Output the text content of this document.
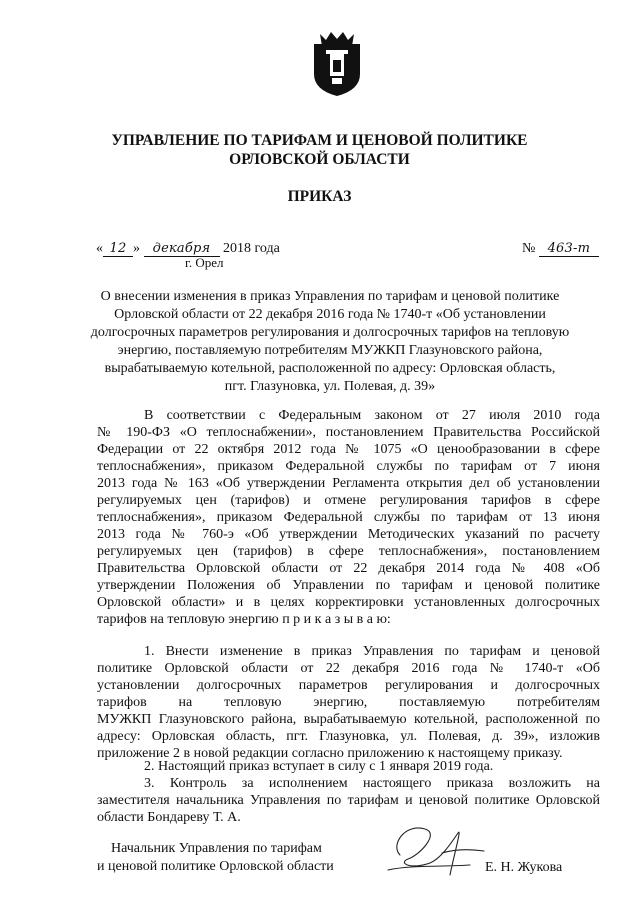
УПРАВЛЕНИЕ ПО ТАРИФАМ И ЦЕНОВОЙ ПОЛИТИКЕ
ОРЛОВСКОЙ ОБЛАСТИ
ПРИКАЗ
« 12 » декабря 2018 года
г. Орел
№ 463-т
О внесении изменения в приказ Управления по тарифам и ценовой политике
Орловской области от 22 декабря 2016 года № 1740-т «Об установлении
долгосрочных параметров регулирования и долгосрочных тарифов на тепловую
энергию, поставляемую потребителям МУЖКП Глазуновского района,
вырабатываемую котельной, расположенной по адресу: Орловская область,
пгт. Глазуновка, ул. Полевая, д. 39»
В соответствии с Федеральным законом от 27 июля 2010 года
№ 190-ФЗ «О теплоснабжении», постановлением Правительства Российской
Федерации от 22 октября 2012 года № 1075 «О ценообразовании в сфере
теплоснабжения», приказом Федеральной службы по тарифам от 7 июня
2013 года № 163 «Об утверждении Регламента открытия дел об установлении
регулируемых цен (тарифов) и отмене регулирования тарифов в сфере
теплоснабжения», приказом Федеральной службы по тарифам от 13 июня
2013 года № 760-э «Об утверждении Методических указаний по расчету
регулируемых цен (тарифов) в сфере теплоснабжения», постановлением
Правительства Орловской области от 22 декабря 2014 года № 408 «Об
утверждении Положения об Управлении по тарифам и ценовой политике
Орловской области» и в целях корректировки установленных долгосрочных
тарифов на тепловую энергию п р и к а з ы в а ю:
1. Внести изменение в приказ Управления по тарифам и ценовой
политике Орловской области от 22 декабря 2016 года № 1740-т «Об
установлении долгосрочных параметров регулирования и долгосрочных
тарифов на тепловую энергию, поставляемую потребителям
МУЖКП Глазуновского района, вырабатываемую котельной, расположенной по
адресу: Орловская область, пгт. Глазуновка, ул. Полевая, д. 39», изложив
приложение 2 в новой редакции согласно приложению к настоящему приказу.
2. Настоящий приказ вступает в силу с 1 января 2019 года.
3. Контроль за исполнением настоящего приказа возложить на
заместителя начальника Управления по тарифам и ценовой политике Орловской
области Бондареву Т. А.
Начальник Управления по тарифам
и ценовой политике Орловской области	Е. Н. Жукова
